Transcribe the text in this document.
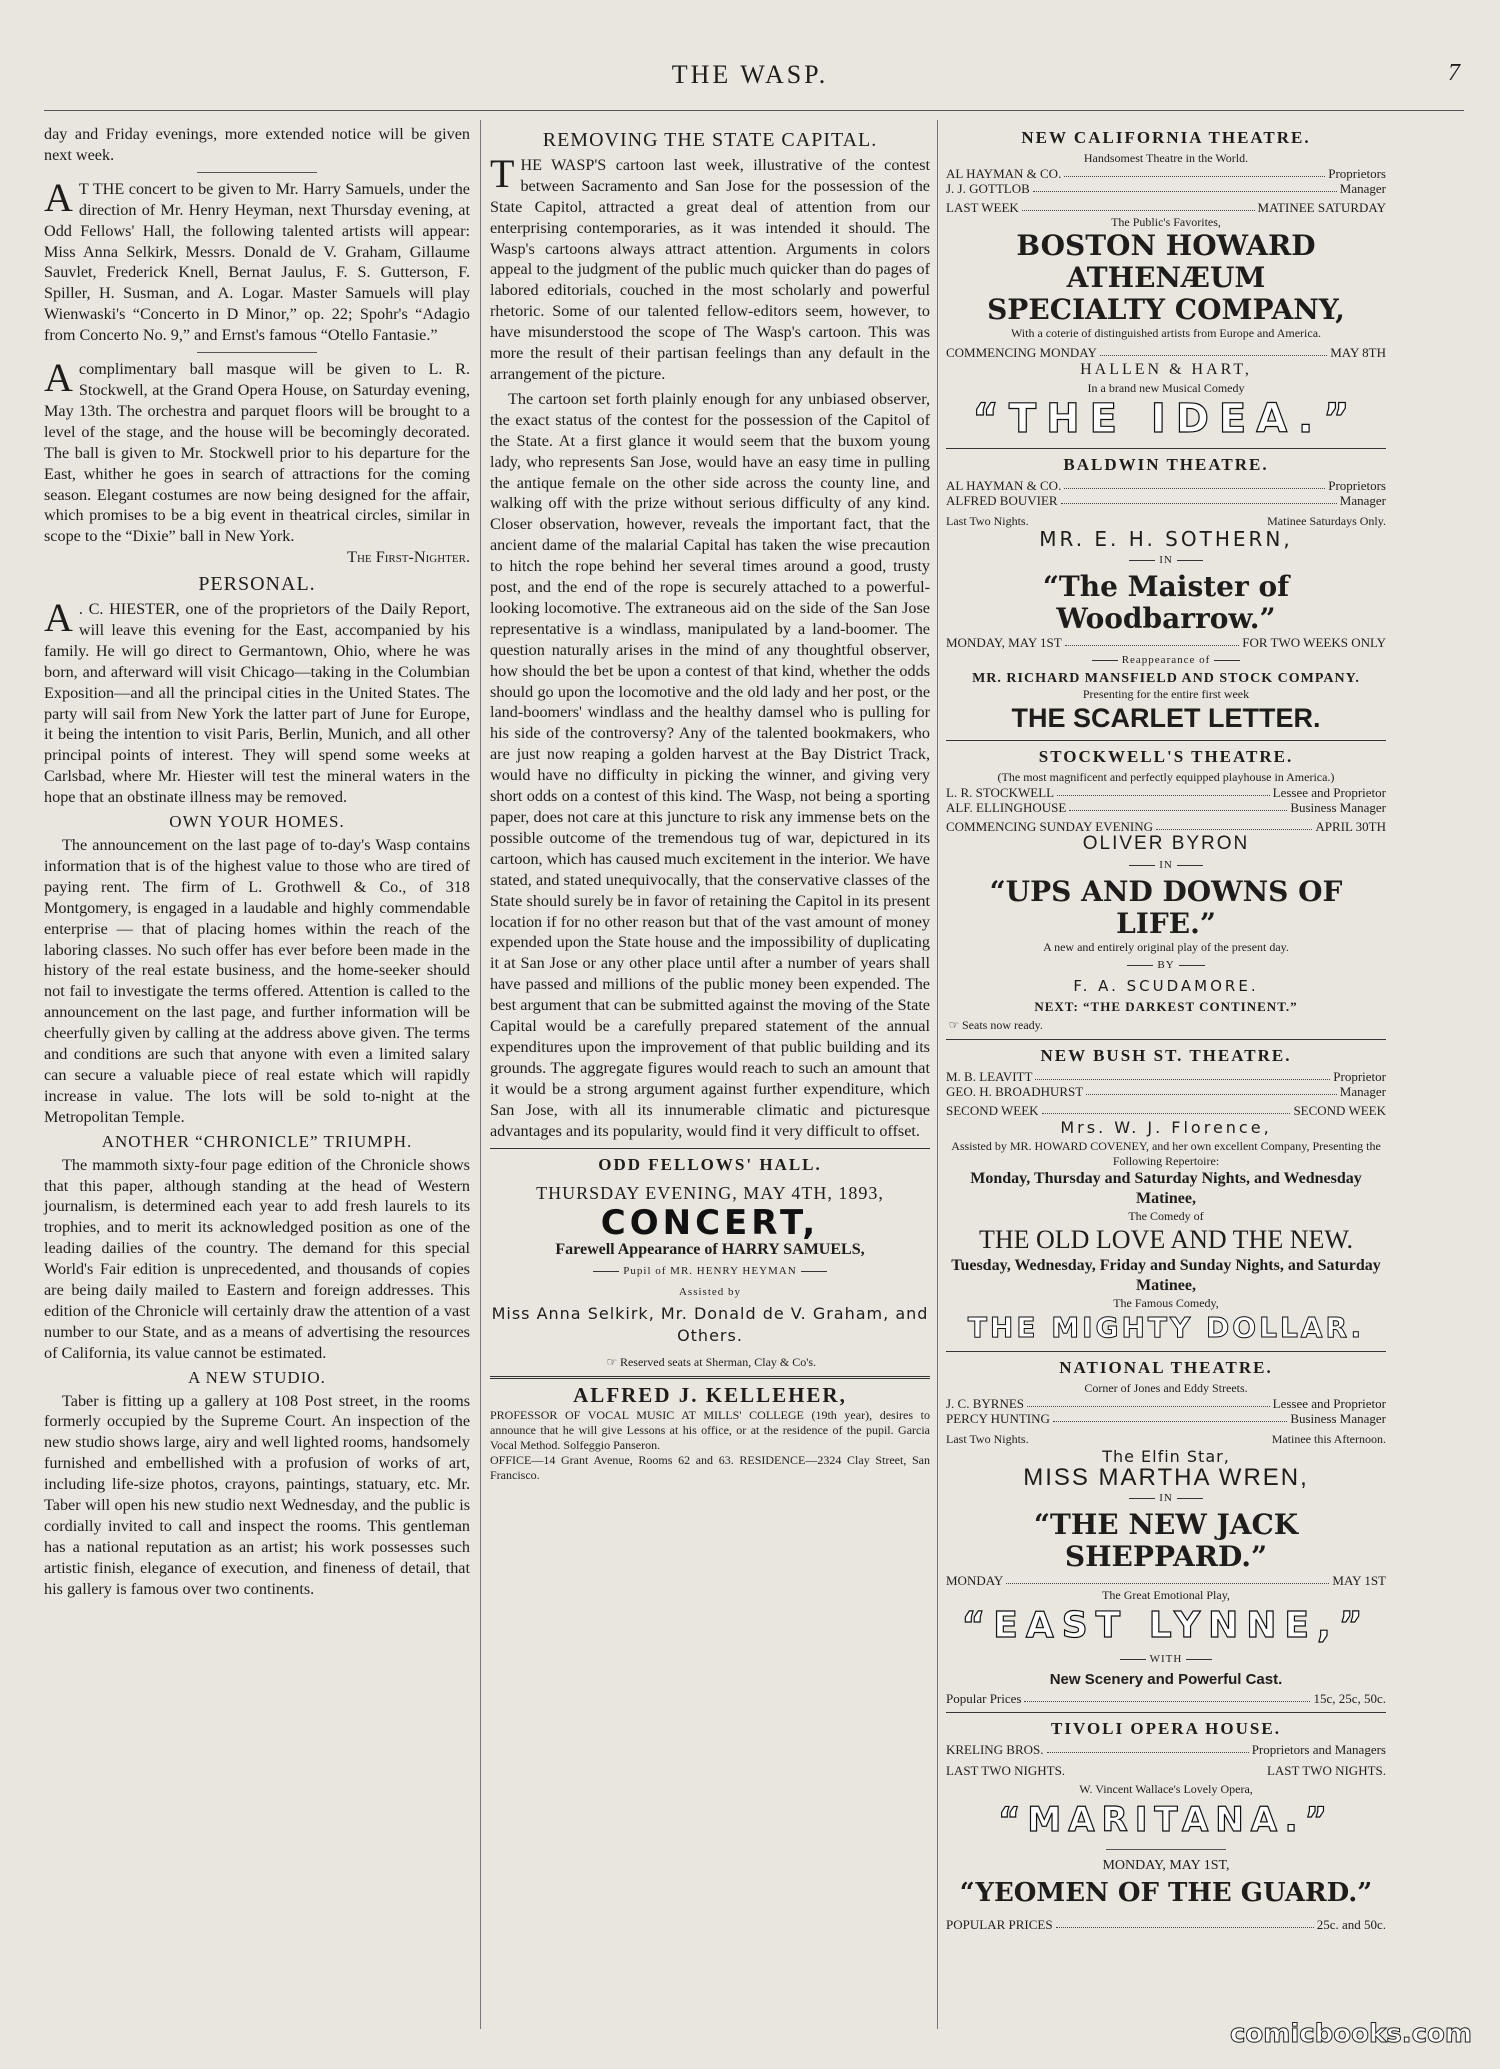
THE WASP.	7

day and Friday evenings, more extended notice will be given next week.

A T THE concert to be given to Mr. Harry Samuels, under the direction of Mr. Henry Heyman, next Thursday evening, at Odd Fellows' Hall, the following talented artists will appear: Miss Anna Selkirk, Messrs. Donald de V. Graham, Gillaume Sauvlet, Frederick Knell, Bernat Jaulus, F. S. Gutterson, F. Spiller, H. Susman, and A. Logar. Master Samuels will play Wienwaski's “Concerto in D Minor,” op. 22; Spohr's “Adagio from Concerto No. 9,” and Ernst's famous “Otello Fantasie.”

Acomplimentary ball masque will be given to L. R. Stockwell, at the Grand Opera House, on Saturday evening, May 13th. The orchestra and parquet floors will be brought to a level of the stage, and the house will be becomingly decorated. The ball is given to Mr. Stockwell prior to his departure for the East, whither he goes in search of attractions for the coming season. Elegant costumes are now being designed for the affair, which promises to be a big event in theatrical circles, similar in scope to the “Dixie” ball in New York.
The First-Nighter.

PERSONAL.

A . C. HIESTER, one of the proprietors of the Daily Report, will leave this evening for the East, accompanied by his family. He will go direct to Germantown, Ohio, where he was born, and afterward will visit Chicago—taking in the Columbian Exposition—and all the principal cities in the United States. The party will sail from New York the latter part of June for Europe, it being the intention to visit Paris, Berlin, Munich, and all other principal points of interest. They will spend some weeks at Carlsbad, where Mr. Hiester will test the mineral waters in the hope that an obstinate illness may be removed.

OWN YOUR HOMES.

The announcement on the last page of to-day's Wasp contains information that is of the highest value to those who are tired of paying rent. The firm of L. Grothwell & Co., of 318 Montgomery, is engaged in a laudable and highly commendable enterprise — that of placing homes within the reach of the laboring classes. No such offer has ever before been made in the history of the real estate business, and the home-seeker should not fail to investigate the terms offered. Attention is called to the announcement on the last page, and further information will be cheerfully given by calling at the address above given. The terms and conditions are such that anyone with even a limited salary can secure a valuable piece of real estate which will rapidly increase in value. The lots will be sold to-night at the Metropolitan Temple.

ANOTHER “CHRONICLE” TRIUMPH.

The mammoth sixty-four page edition of the Chronicle shows that this paper, although standing at the head of Western journalism, is determined each year to add fresh laurels to its trophies, and to merit its acknowledged position as one of the leading dailies of the country. The demand for this special World's Fair edition is unprecedented, and thousands of copies are being daily mailed to Eastern and foreign addresses. This edition of the Chronicle will certainly draw the attention of a vast number to our State, and as a means of advertising the resources of California, its value cannot be estimated.

A NEW STUDIO.

Taber is fitting up a gallery at 108 Post street, in the rooms formerly occupied by the Supreme Court. An inspection of the new studio shows large, airy and well lighted rooms, handsomely furnished and embellished with a profusion of works of art, including life-size photos, crayons, paintings, statuary, etc. Mr. Taber will open his new studio next Wednesday, and the public is cordially invited to call and inspect the rooms. This gentleman has a national reputation as an artist; his work possesses such artistic finish, elegance of execution, and fineness of detail, that his gallery is famous over two continents.

REMOVING THE STATE CAPITAL.

THE WASP'S cartoon last week, illustrative of the contest between Sacramento and San Jose for the possession of the State Capitol, attracted a great deal of attention from our enterprising contemporaries, as it was intended it should. The Wasp's cartoons always attract attention. Arguments in colors appeal to the judgment of the public much quicker than do pages of labored editorials, couched in the most scholarly and powerful rhetoric. Some of our talented fellow-editors seem, however, to have misunderstood the scope of The Wasp's cartoon. This was more the result of their partisan feelings than any default in the arrangement of the picture.

The cartoon set forth plainly enough for any unbiased observer, the exact status of the contest for the possession of the Capitol of the State. At a first glance it would seem that the buxom young lady, who represents San Jose, would have an easy time in pulling the antique female on the other side across the county line, and walking off with the prize without serious difficulty of any kind. Closer observation, however, reveals the important fact, that the ancient dame of the malarial Capital has taken the wise precaution to hitch the rope behind her several times around a good, trusty post, and the end of the rope is securely attached to a powerful-looking locomotive. The extraneous aid on the side of the San Jose representative is a windlass, manipulated by a land-boomer. The question naturally arises in the mind of any thoughtful observer, how should the bet be upon a contest of that kind, whether the odds should go upon the locomotive and the old lady and her post, or the land-boomers' windlass and the healthy damsel who is pulling for his side of the controversy? Any of the talented bookmakers, who are just now reaping a golden harvest at the Bay District Track, would have no difficulty in picking the winner, and giving very short odds on a contest of this kind. The Wasp, not being a sporting paper, does not care at this juncture to risk any immense bets on the possible outcome of the tremendous tug of war, depictured in its cartoon, which has caused much excitement in the interior. We have stated, and stated unequivocally, that the conservative classes of the State should surely be in favor of retaining the Capitol in its present location if for no other reason but that of the vast amount of money expended upon the State house and the impossibility of duplicating it at San Jose or any other place until after a number of years shall have passed and millions of the public money been expended. The best argument that can be submitted against the moving of the State Capital would be a carefully prepared statement of the annual expenditures upon the improvement of that public building and its grounds. The aggregate figures would reach to such an amount that it would be a strong argument against further expenditure, which San Jose, with all its innumerable climatic and picturesque advantages and its popularity, would find it very difficult to offset.

ODD FELLOWS' HALL.
THURSDAY EVENING, MAY 4TH, 1893,
CONCERT,
Farewell Appearance of HARRY SAMUELS,
Pupil of MR. HENRY HEYMAN
Assisted by
Miss Anna Selkirk, Mr. Donald de V. Graham, and Others.
☞ Reserved seats at Sherman, Clay & Co's.
ALFRED J. KELLEHER,
PROFESSOR OF VOCAL MUSIC AT MILLS' COLLEGE (19th year), desires to announce that he will give Lessons at his office, or at the residence of the pupil. Garcia Vocal Method. Solfeggio Panseron.
OFFICE—14 Grant Avenue, Rooms 62 and 63. RESIDENCE—2324 Clay Street, San Francisco.
NEW CALIFORNIA THEATRE.
Handsomest Theatre in the World.
AL HAYMAN & CO.	Proprietors
J. J. GOTTLOB	Manager
LAST WEEK	MATINEE SATURDAY
The Public's Favorites,
BOSTON HOWARD ATHENÆUM
SPECIALTY COMPANY,
With a coterie of distinguished artists from Europe and America.
COMMENCING MONDAY	MAY 8TH
HALLEN & HART,
In a brand new Musical Comedy
“THE IDEA.”
BALDWIN THEATRE.
AL HAYMAN & CO.	Proprietors
ALFRED BOUVIER	Manager
Last Two Nights.	Matinee Saturdays Only.
MR. E. H. SOTHERN,
IN
“The Maister of Woodbarrow.”
MONDAY, MAY 1ST	FOR TWO WEEKS ONLY
Reappearance of
MR. RICHARD MANSFIELD AND STOCK COMPANY.
Presenting for the entire first week
THE SCARLET LETTER.
STOCKWELL'S THEATRE.
(The most magnificent and perfectly equipped playhouse in America.)
L. R. STOCKWELL	Lessee and Proprietor
ALF. ELLINGHOUSE	Business Manager
COMMENCING SUNDAY EVENING	APRIL 30TH
OLIVER BYRON
IN
“UPS AND DOWNS OF LIFE.”
A new and entirely original play of the present day.
BY
F. A. SCUDAMORE.
NEXT: “THE DARKEST CONTINENT.”
☞ Seats now ready.
NEW BUSH ST. THEATRE.
M. B. LEAVITT	Proprietor
GEO. H. BROADHURST	Manager
SECOND WEEK	SECOND WEEK
Mrs. W. J. Florence,
Assisted by MR. HOWARD COVENEY, and her own excellent Company, Presenting the Following Repertoire:
Monday, Thursday and Saturday Nights, and Wednesday Matinee,
The Comedy of
THE OLD LOVE AND THE NEW.
Tuesday, Wednesday, Friday and Sunday Nights, and Saturday Matinee,
The Famous Comedy,
THE MIGHTY DOLLAR.
NATIONAL THEATRE.
Corner of Jones and Eddy Streets.
J. C. BYRNES	Lessee and Proprietor
PERCY HUNTING	Business Manager
Last Two Nights.	Matinee this Afternoon.
The Elfin Star,
MISS MARTHA WREN,
IN
“THE NEW JACK SHEPPARD.”
MONDAY	MAY 1ST
The Great Emotional Play,
“EAST LYNNE,”
WITH
New Scenery and Powerful Cast.
Popular Prices	15c, 25c, 50c.
TIVOLI OPERA HOUSE.
KRELING BROS.	Proprietors and Managers
LAST TWO NIGHTS.	LAST TWO NIGHTS.
W. Vincent Wallace's Lovely Opera,
“MARITANA.”
MONDAY, MAY 1ST,
“YEOMEN OF THE GUARD.”
POPULAR PRICES	25c. and 50c.
comicbooks.com
